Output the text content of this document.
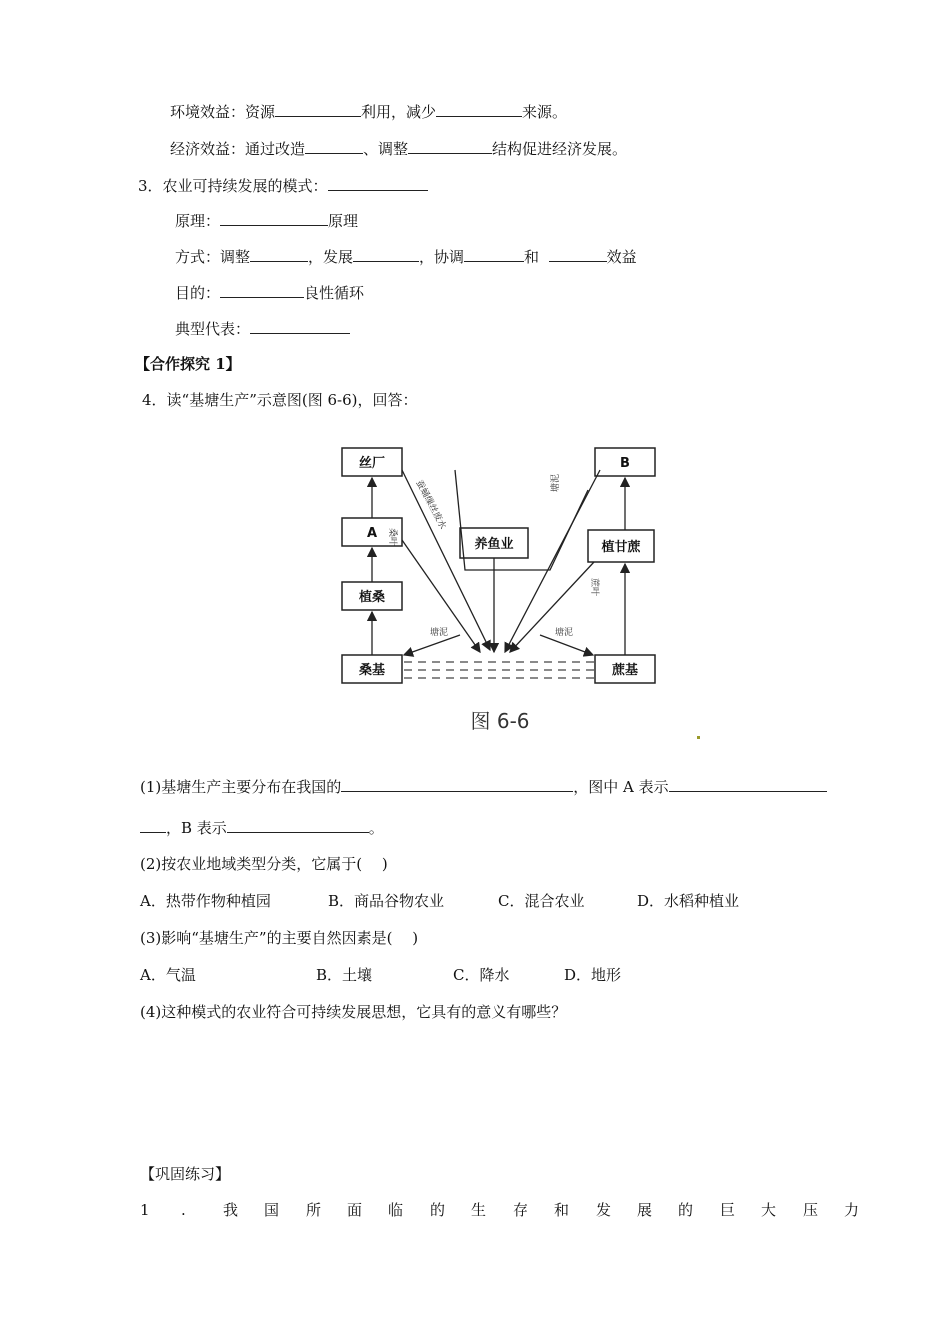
环境效益：资源	利用，减少	来源。
经济效益：通过改造	、调整	结构促进经济发展。
3．农业可持续发展的模式：
原理：	原理
方式：调整	，发展	，协调	和	效益
目的：	良性循环
典型代表：
【合作探究 1】
4．读“基塘生产”示意图(图 6-6)，回答：
丝厂
A
植桑
桑基
养鱼业
B
植甘蔗
蔗基
蚕蛹缫丝废水
桑叶
塘泥
塘泥	塘泥
蔗叶
图 6-6
(1)基塘生产主要分布在我国的	，图中 A 表示
，B 表示	。
(2)按农业地域类型分类，它属于(　 )
A．热带作物种植园	B．商品谷物农业	C．混合农业	D．水稻种植业
(3)影响“基塘生产”的主要自然因素是(　 )
A．气温	B．土壤	C．降水	D．地形
(4)这种模式的农业符合可持续发展思想，它具有的意义有哪些？
【巩固练习】
1 . 我 国 所 面 临 的 生 存 和 发 展 的 巨 大 压 力
